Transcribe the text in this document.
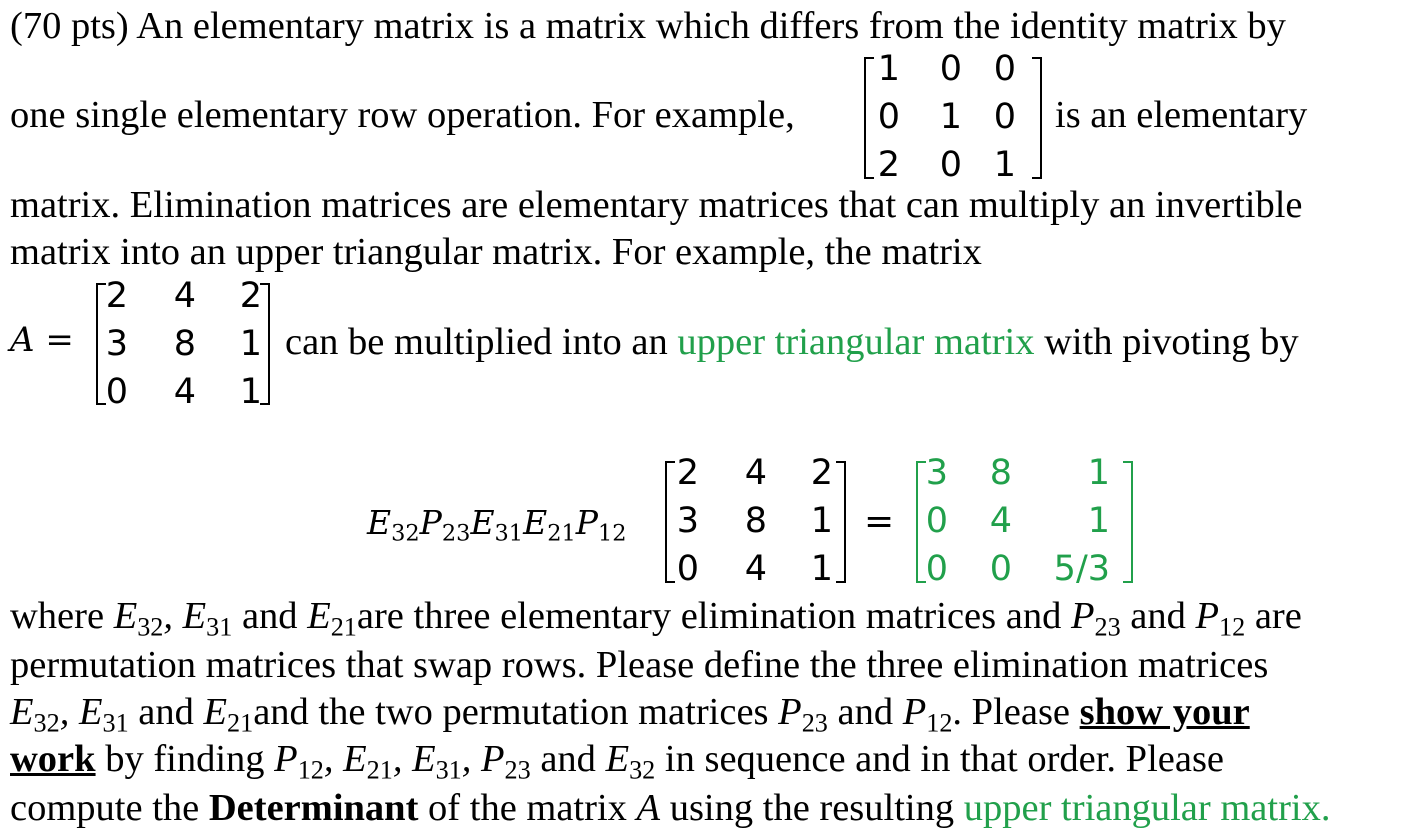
(70 pts) An elementary matrix is a matrix which differs from the identity matrix by
one single elementary row operation. For example,
1	0 0
0	1 0
2	0 1
is an elementary
matrix. Elimination matrices are elementary matrices that can multiply an invertible
matrix into an upper triangular matrix. For example, the matrix
A =
2	4	2
3	8	1
0	4	1
can be multiplied into an upper triangular matrix with pivoting by
$E_{32}P_{23}E_{31}E_{21}P_{12}$
2	4	2
3	8	1
0	4	1
=
3	8	1
0	4	1
0	0	5/3
where $E_{32}$, $E_{31}$ and $E_{21}are$ three elementary elimination matrices and $P_{23}$ and $P_{12}$ are
permutation matrices that swap rows. Please define the three elimination matrices
$E_{32}$, $E_{31}$ and $E_{21}and$ the two permutation matrices $P_{23}$ and $P_{12}$. Please show your
work by finding $P_{12}$, $E_{21}$, $E_{31}$, $P_{23}$ and $E_{32}$ in sequence and in that order. Please
compute the Determinant of the matrix A using the resulting upper triangular matrix.
